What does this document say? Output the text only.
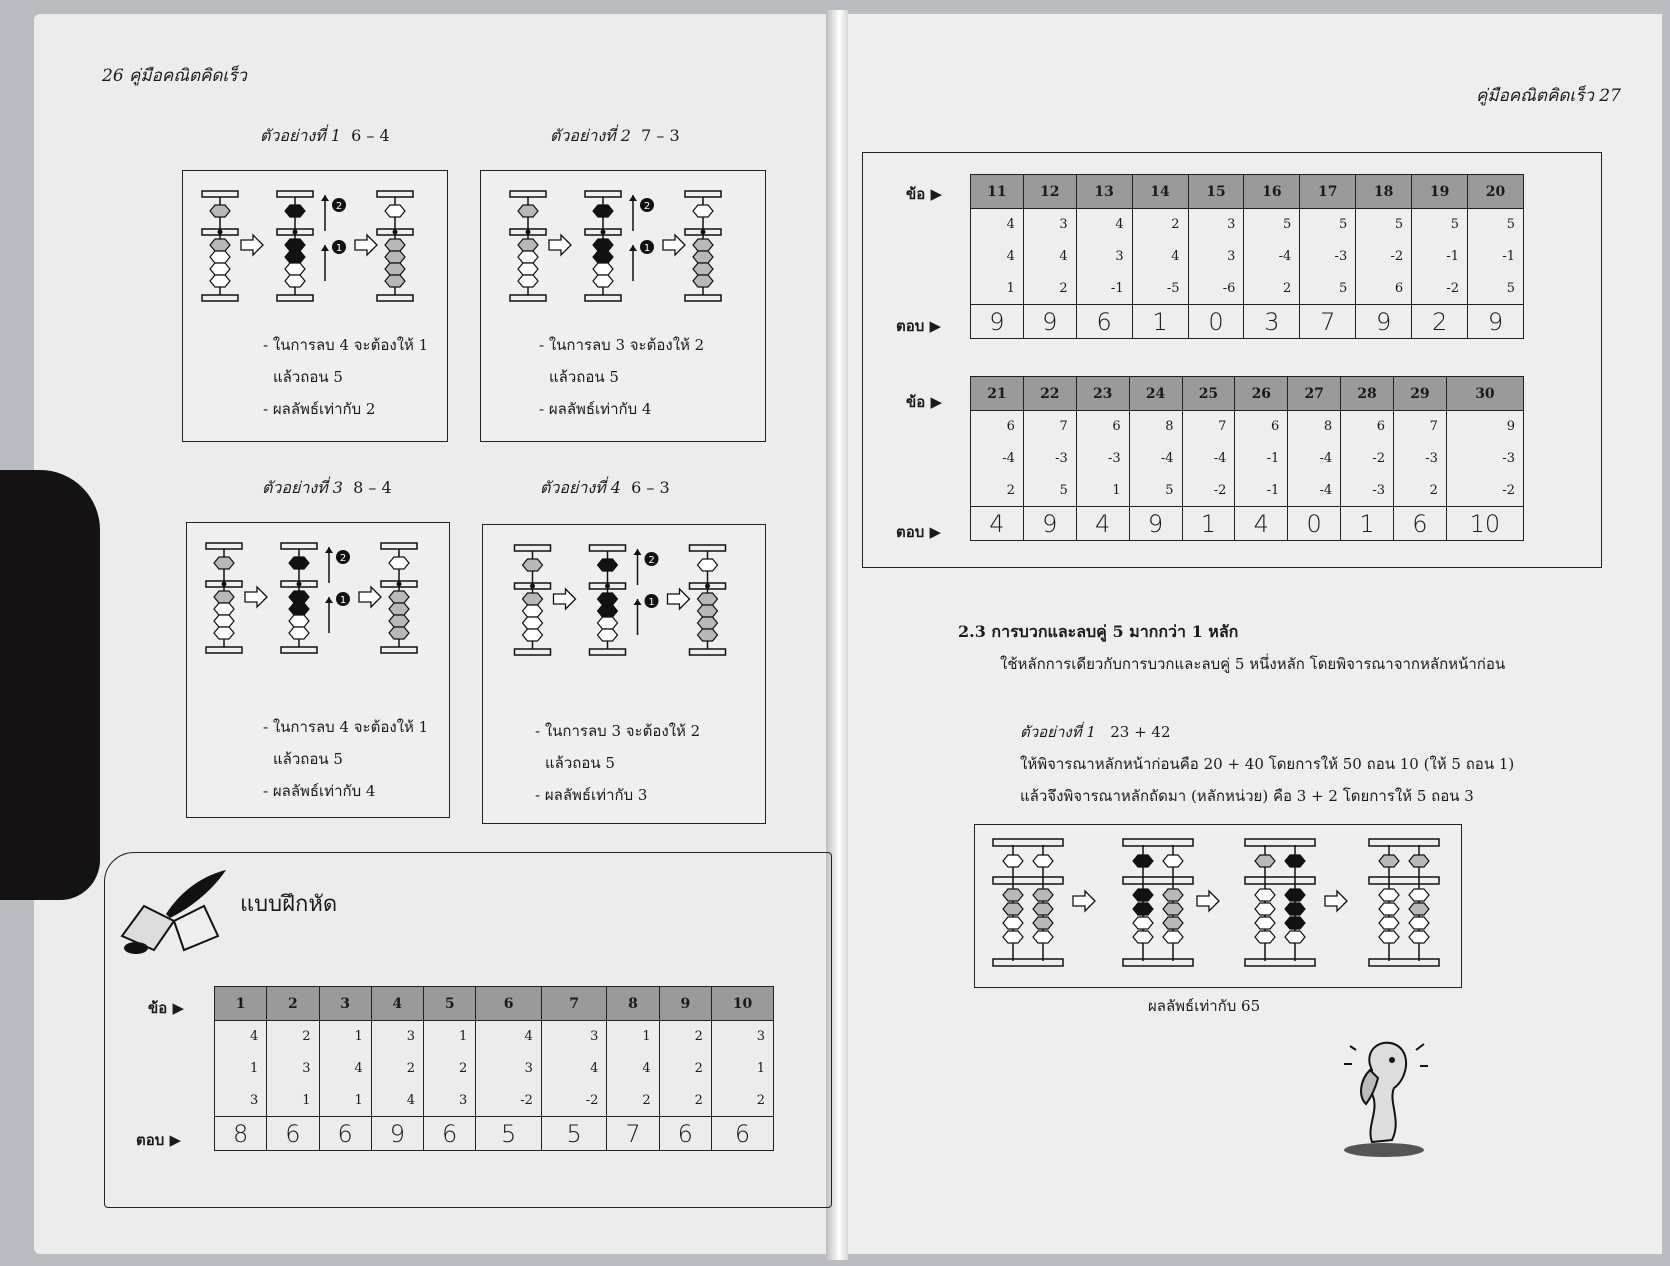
26 คู่มือคณิตคิดเร็ว
ตัวอย่างที่ 1 6 – 4
1
2
- ในการลบ 4 จะต้องให้ 1
แล้วถอน 5
- ผลลัพธ์เท่ากับ 2
ตัวอย่างที่ 2 7 – 3
1
2
- ในการลบ 3 จะต้องให้ 2
แล้วถอน 5
- ผลลัพธ์เท่ากับ 4
ตัวอย่างที่ 3 8 – 4
1
2
- ในการลบ 4 จะต้องให้ 1
แล้วถอน 5
- ผลลัพธ์เท่ากับ 4
ตัวอย่างที่ 4 6 – 3
1
2
- ในการลบ 3 จะต้องให้ 2
แล้วถอน 5
- ผลลัพธ์เท่ากับ 3
แบบฝึกหัด
ข้อ ▶
ตอบ ▶
1	2	3	4	5	6	7	8	9	10
4	2	1	3	1	4	3	1	2	3
1	3	4	2	2	3	4	4	2	1
3	1	1	4	3	-2	-2	2	2	2
8	6	6	9	6	5	5	7	6	6
คู่มือคณิตคิดเร็ว 27
ข้อ ▶
ตอบ ▶
11	12	13	14	15	16	17	18	19	20
4	3	4	2	3	5	5	5	5	5
4	4	3	4	3	-4	-3	-2	-1	-1
1	2	-1	-5	-6	2	5	6	-2	5
9	9	6	1	0	3	7	9	2	9
ข้อ ▶
ตอบ ▶
21	22	23	24	25	26	27	28	29	30
6	7	6	8	7	6	8	6	7	9
-4	-3	-3	-4	-4	-1	-4	-2	-3	-3
2	5	1	5	-2	-1	-4	-3	2	-2
4	9	4	9	1	4	0	1	6	10
2.3 การบวกและลบคู่ 5 มากกว่า 1 หลัก
ใช้หลักการเดียวกับการบวกและลบคู่ 5 หนึ่งหลัก โดยพิจารณาจากหลักหน้าก่อน
ตัวอย่างที่ 1 23 + 42
ให้พิจารณาหลักหน้าก่อนคือ 20 + 40 โดยการให้ 50 ถอน 10 (ให้ 5 ถอน 1)
แล้วจึงพิจารณาหลักถัดมา (หลักหน่วย) คือ 3 + 2 โดยการให้ 5 ถอน 3
ผลลัพธ์เท่ากับ 65
